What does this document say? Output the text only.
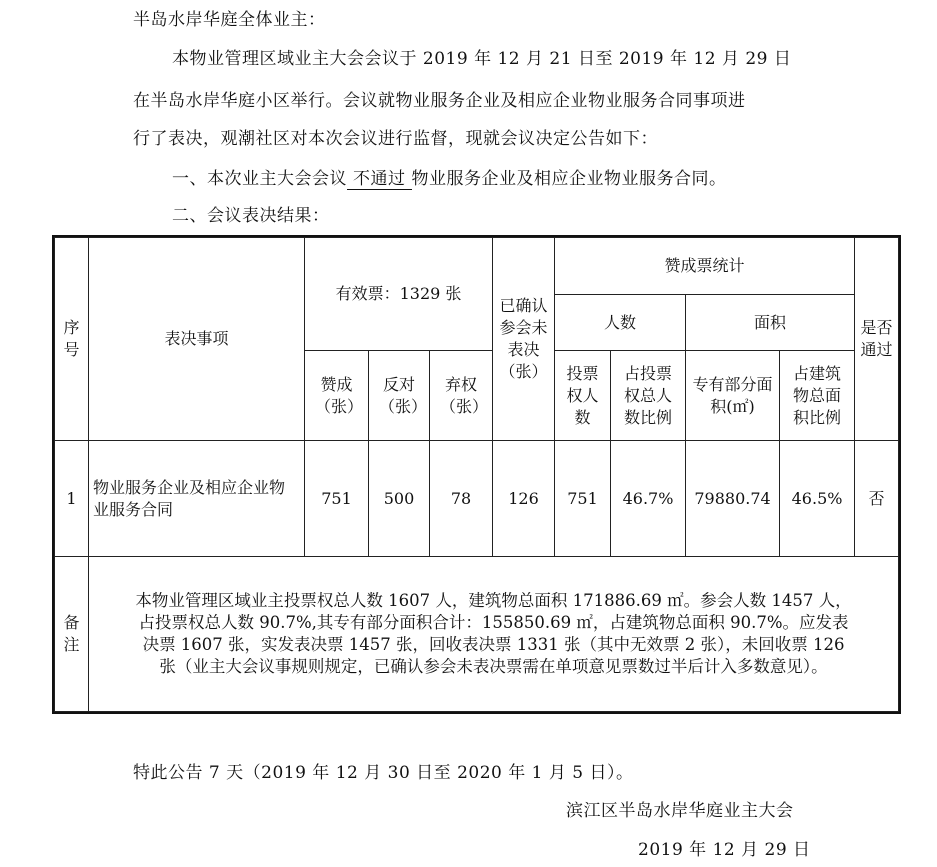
半岛水岸华庭全体业主：
本物业管理区域业主大会会议于 2019 年 12 月 21 日至 2019 年 12 月 29 日
在半岛水岸华庭小区举行。会议就物业服务企业及相应企业物业服务合同事项进
行了表决，观潮社区对本次会议进行监督，现就会议决定公告如下：
一、本次业主大会会议 不通过 物业服务企业及相应企业物业服务合同。
二、会议表决结果：
序号	表决事项	有效票：1329 张			已确认参会未表决（张）	赞成票统计				是否通过
						人数		面积		
		赞成（张）	反对（张）	弃权（张）		投票权人数	占投票权总人数比例	专有部分面积(㎡)	占建筑物总面积比例	
1	物业服务企业及相应企业物业服务合同	751	500	78	126	751	46.7%	79880.74	46.5%	否
备注	本物业管理区域业主投票权总人数 1607 人，建筑物总面积 171886.69 ㎡。参会人数 1457 人，
占投票权总人数 90.7%,其专有部分面积合计：155850.69 ㎡，占建筑物总面积 90.7%。应发表
决票 1607 张，实发表决票 1457 张，回收表决票 1331 张（其中无效票 2 张），未回收票 126
张（业主大会议事规则规定，已确认参会未表决票需在单项意见票数过半后计入多数意见）。									
特此公告 7 天（2019 年 12 月 30 日至 2020 年 1 月 5 日）。
滨江区半岛水岸华庭业主大会
2019 年 12 月 29 日
